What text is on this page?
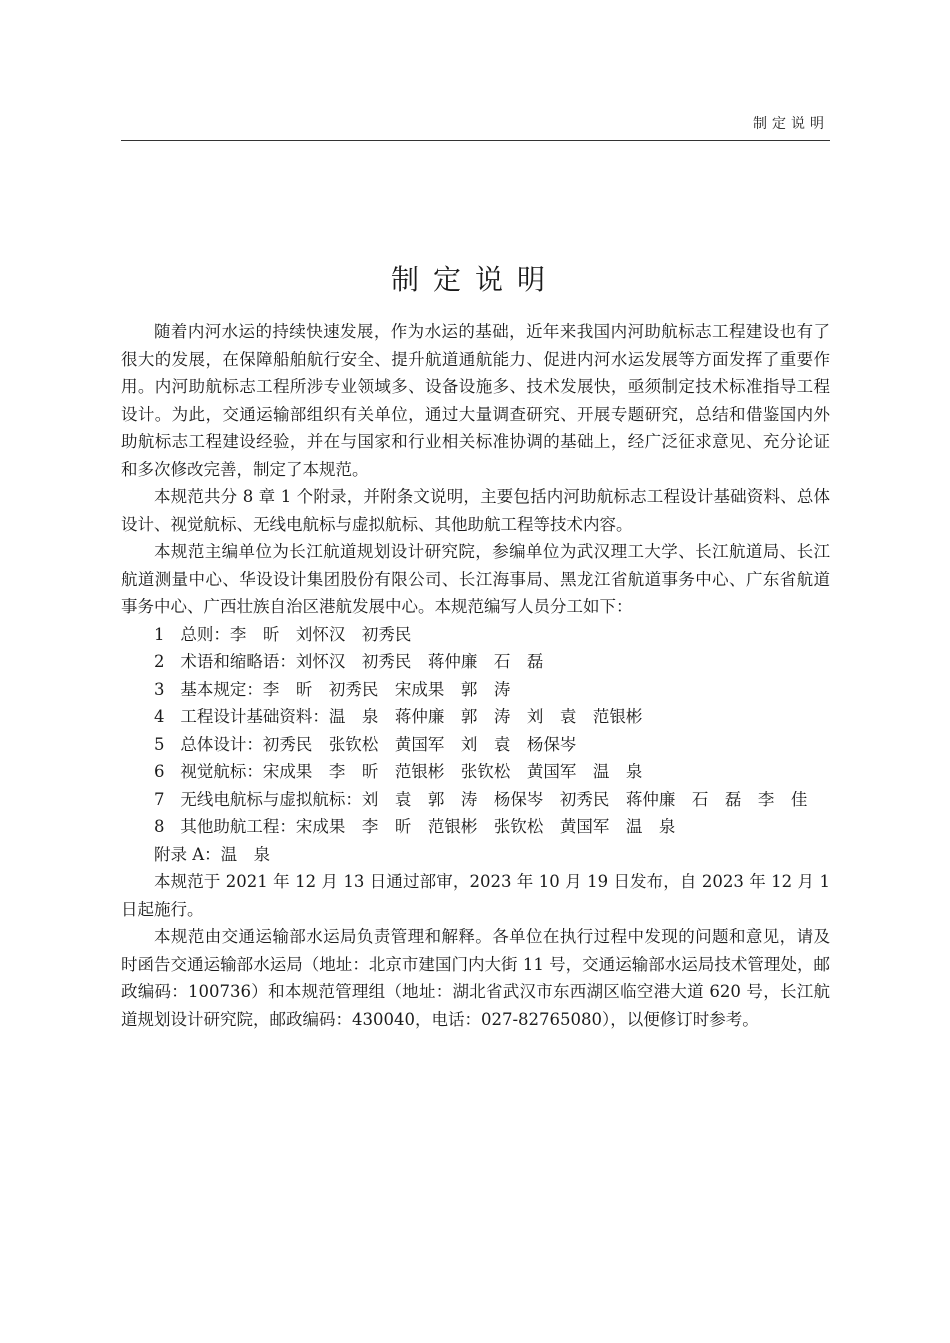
制定说明
制定说明

随着内河水运的持续快速发展，作为水运的基础，近年来我国内河助航标志工程建设也有了很大的发展，在保障船舶航行安全、提升航道通航能力、促进内河水运发展等方面发挥了重要作用。内河助航标志工程所涉专业领域多、设备设施多、技术发展快，亟须制定技术标准指导工程设计。为此，交通运输部组织有关单位，通过大量调查研究、开展专题研究，总结和借鉴国内外助航标志工程建设经验，并在与国家和行业相关标准协调的基础上，经广泛征求意见、充分论证和多次修改完善，制定了本规范。

本规范共分 8 章 1 个附录，并附条文说明，主要包括内河助航标志工程设计基础资料、总体设计、视觉航标、无线电航标与虚拟航标、其他助航工程等技术内容。

本规范主编单位为长江航道规划设计研究院，参编单位为武汉理工大学、长江航道局、长江航道测量中心、华设设计集团股份有限公司、长江海事局、黑龙江省航道事务中心、广东省航道事务中心、广西壮族自治区港航发展中心。本规范编写人员分工如下：

1 总则：李　昕　刘怀汉　初秀民
2 术语和缩略语：刘怀汉　初秀民　蒋仲廉　石　磊
3 基本规定：李　昕　初秀民　宋成果　郭　涛
4 工程设计基础资料：温　泉　蒋仲廉　郭　涛　刘　袁　范银彬
5 总体设计：初秀民　张钦松　黄国军　刘　袁　杨保岑
6 视觉航标：宋成果　李　昕　范银彬　张钦松　黄国军　温　泉
7 无线电航标与虚拟航标： 刘　袁　郭　涛　杨保岑　初秀民　蒋仲廉　石　磊　李　佳
8 其他助航工程：宋成果　李　昕　范银彬　张钦松　黄国军　温　泉

附录 A：温　泉

本规范于 2021 年 12 月 13 日通过部审，2023 年 10 月 19 日发布，自 2023 年 12 月 1 日起施行。

本规范由交通运输部水运局负责管理和解释。各单位在执行过程中发现的问题和意见，请及时函告交通运输部水运局（地址：北京市建国门内大街 11 号，交通运输部水运局技术管理处，邮政编码：100736）和本规范管理组（地址：湖北省武汉市东西湖区临空港大道 620 号，长江航道规划设计研究院，邮政编码：430040，电话：027-82765080），以便修订时参考。
